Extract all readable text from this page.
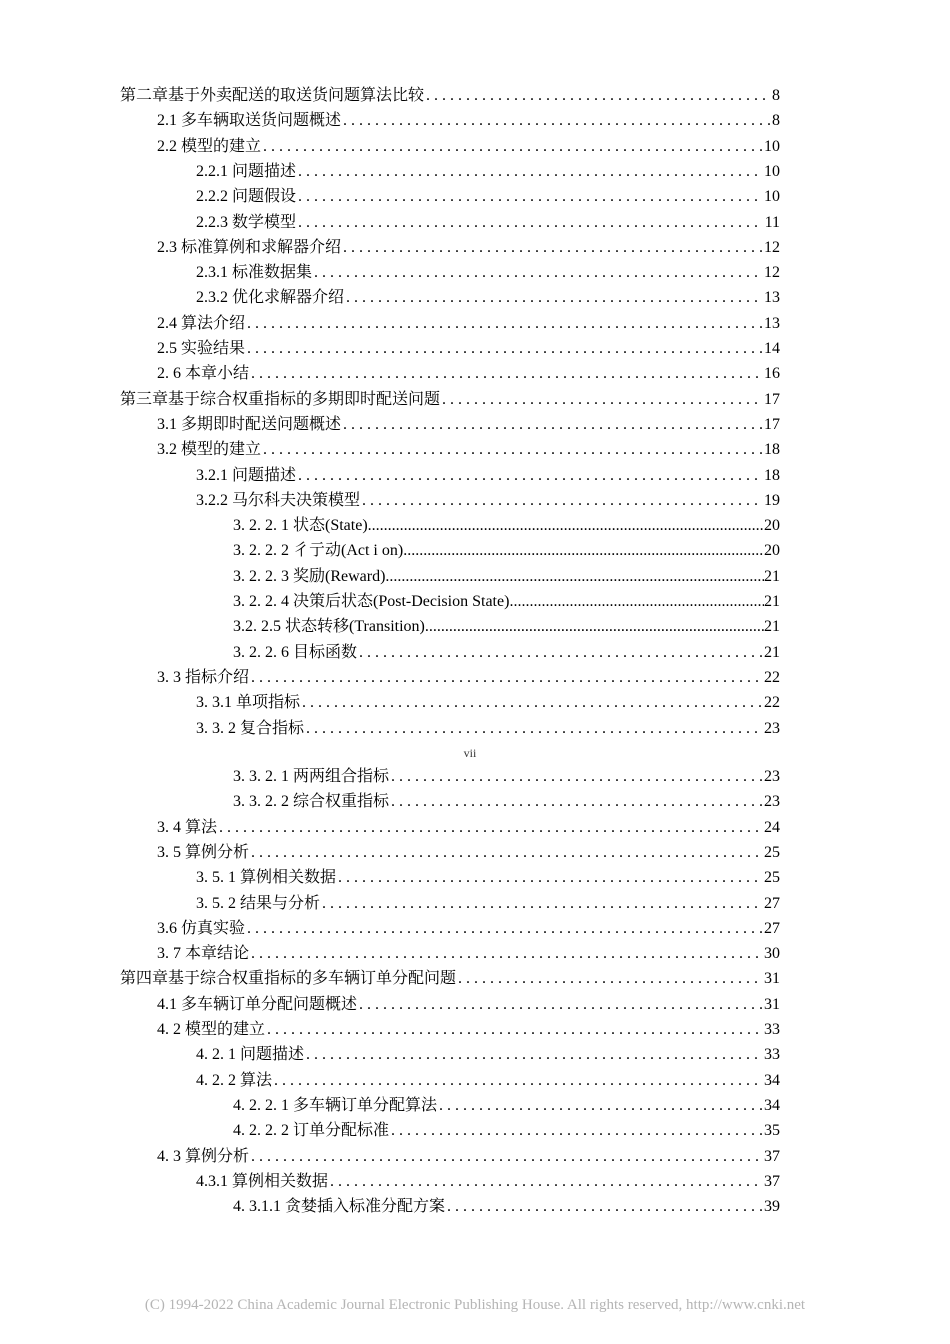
第二章基于外卖配送的取送货问题算法比较 . . .	8
2.1 多车辆取送货问题概述 . . .	8
2.2 模型的建立 . . .	10
2.2.1 问题描述 . . .	10
2.2.2 问题假设 . . .	10
2.2.3 数学模型 . . .	11
2.3 标准算例和求解器介绍 . . .	12
2.3.1 标准数据集 . . .	12
2.3.2 优化求解器介绍 . . .	13
2.4 算法介绍 . . .	13
2.5 实验结果 . . .	14
2. 6 本章小结 . . .	16
第三章基于综合权重指标的多期即时配送问题 . . .	17
3.1 多期即时配送问题概述 . . .	17
3.2 模型的建立 . . .	18
3.2.1 问题描述 . . .	18
3.2.2 马尔科夫决策模型 . . .	19
3. 2. 2. 1 状态(State) .....	20
3. 2. 2. 2 彳亍动(Act i on) .....	20
3. 2. 2. 3 奖励(Reward) .....	21
3. 2. 2. 4 决策后状态(Post-Decision State) .....	21
3.2. 2.5 状态转移(Transition) .....	21
3. 2. 2. 6 目标函数 . . .	21
3. 3 指标介绍 . . .	22
3. 3.1 单项指标 . . .	22
3. 3. 2 复合指标 . . .	23
3. 3. 2. 1 两两组合指标 . . .	23
3. 3. 2. 2 综合权重指标 . . .	23
3. 4 算法 . . .	24
3. 5 算例分析 . . .	25
3. 5. 1 算例相关数据 . . .	25
3. 5. 2 结果与分析 . . .	27
3.6 仿真实验 . . .	27
3. 7 本章结论 . . .	30
第四章基于综合权重指标的多车辆订单分配问题 . . .	31
4.1 多车辆订单分配问题概述 . . .	31
4. 2 模型的建立 . . .	33
4. 2. 1 问题描述 . . .	33
4. 2. 2 算法 . . .	34
4. 2. 2. 1 多车辆订单分配算法 . . .	34
4. 2. 2. 2 订单分配标准 . . .	35
4. 3 算例分析 . . .	37
4.3.1 算例相关数据 . . .	37
4. 3.1.1 贪婪插入标准分配方案 . . .	39
vii
(C) 1994-2022 China Academic Journal Electronic Publishing House. All rights reserved, http://www.cnki.net
